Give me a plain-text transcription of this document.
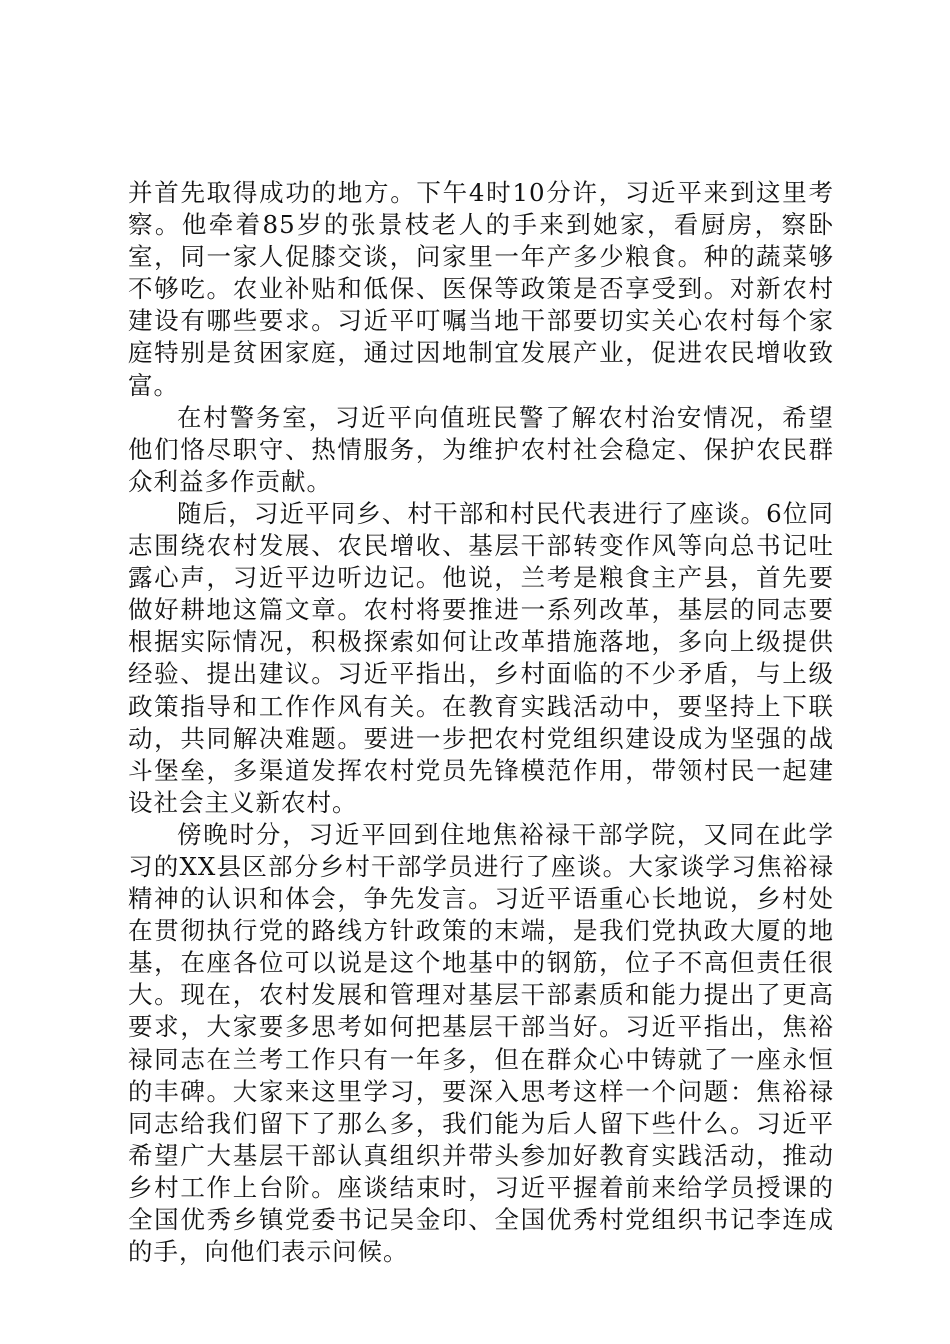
并首先取得成功的地方。下午4时10分许，习近平来到这里考察。他牵着85岁的张景枝老人的手来到她家，看厨房，察卧室，同一家人促膝交谈，问家里一年产多少粮食。种的蔬菜够不够吃。农业补贴和低保、医保等政策是否享受到。对新农村建设有哪些要求。习近平叮嘱当地干部要切实关心农村每个家庭特别是贫困家庭，通过因地制宜发展产业，促进农民增收致富。

在村警务室，习近平向值班民警了解农村治安情况，希望他们恪尽职守、热情服务，为维护农村社会稳定、保护农民群众利益多作贡献。

随后，习近平同乡、村干部和村民代表进行了座谈。6位同志围绕农村发展、农民增收、基层干部转变作风等向总书记吐露心声，习近平边听边记。他说，兰考是粮食主产县，首先要做好耕地这篇文章。农村将要推进一系列改革，基层的同志要根据实际情况，积极探索如何让改革措施落地，多向上级提供经验、提出建议。习近平指出，乡村面临的不少矛盾，与上级政策指导和工作作风有关。在教育实践活动中，要坚持上下联动，共同解决难题。要进一步把农村党组织建设成为坚强的战斗堡垒，多渠道发挥农村党员先锋模范作用，带领村民一起建设社会主义新农村。

傍晚时分，习近平回到住地焦裕禄干部学院，又同在此学习的XX县区部分乡村干部学员进行了座谈。大家谈学习焦裕禄精神的认识和体会，争先发言。习近平语重心长地说，乡村处在贯彻执行党的路线方针政策的末端，是我们党执政大厦的地基，在座各位可以说是这个地基中的钢筋，位子不高但责任很大。现在，农村发展和管理对基层干部素质和能力提出了更高要求，大家要多思考如何把基层干部当好。习近平指出，焦裕禄同志在兰考工作只有一年多，但在群众心中铸就了一座永恒的丰碑。大家来这里学习，要深入思考这样一个问题：焦裕禄同志给我们留下了那么多，我们能为后人留下些什么。习近平希望广大基层干部认真组织并带头参加好教育实践活动，推动乡村工作上台阶。座谈结束时，习近平握着前来给学员授课的全国优秀乡镇党委书记吴金印、全国优秀村党组织书记李连成的手，向他们表示问候。
